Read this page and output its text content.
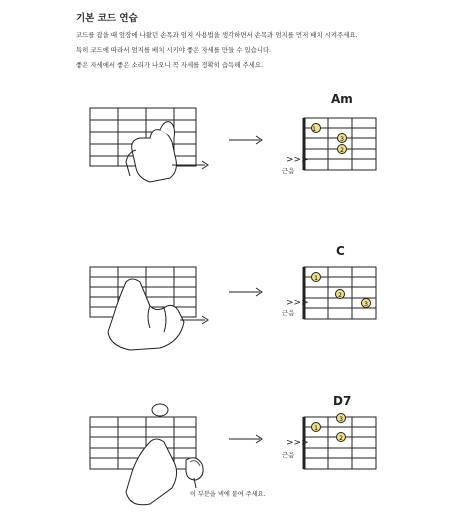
기본 코드 연습
코드를 잡을 때 앞장에 나왔던 손목과 엄지 사용법을 생각하면서 손목과 엄지를 먼저 배치 시켜주세요.
특히 코드에 따라서 엄지를 배치 시키야 좋은 자세를 만들 수 있습니다.
좋은 자세에서 좋은 소리가 나오니 꼭 자세를 정확히 습득해 주세요.
>>>
1
3
2
Am
근음
>>>
1
2
3
C
근음
>>>
3
1
2
D7
근음
이 부분을 넥에 붙여 주세요.
